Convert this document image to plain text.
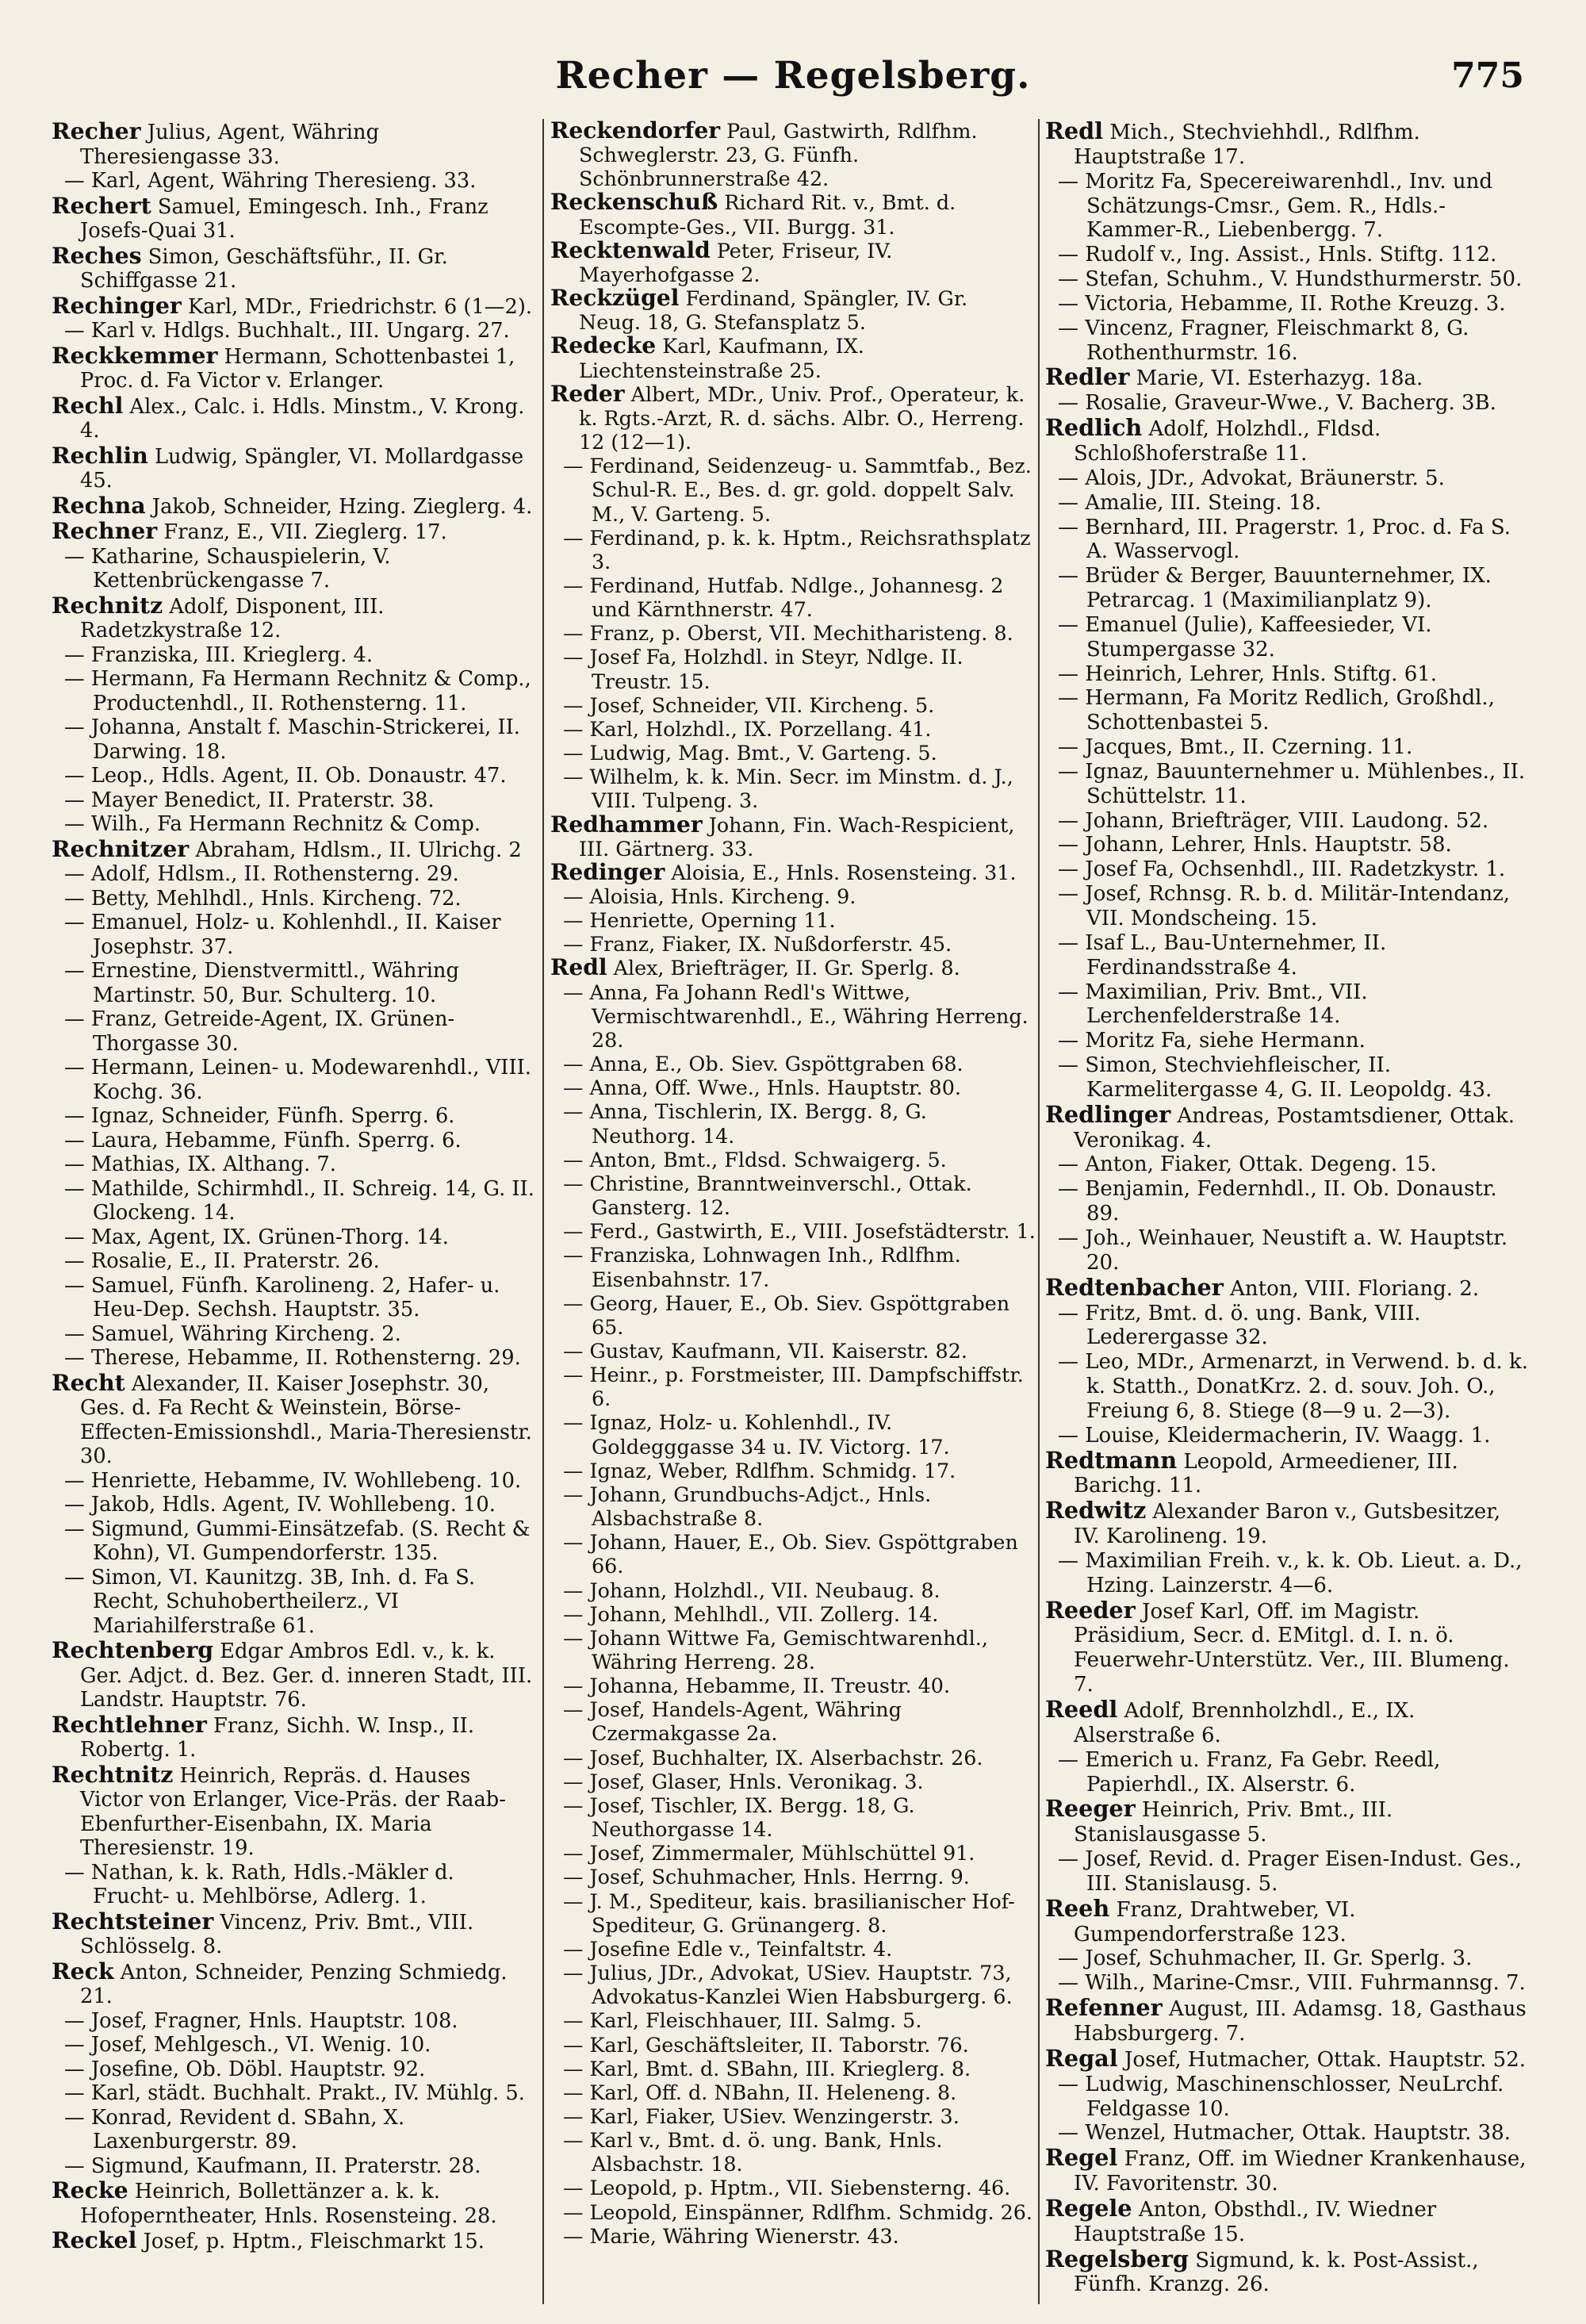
Recher — Regelsberg.	775

Recher Julius, Agent, Währing Theresiengasse 33.

— Karl, Agent, Währing Theresieng. 33.

Rechert Samuel, Emingesch. Inh., Franz Josefs-Quai 31.

Reches Simon, Geschäftsführ., II. Gr. Schiffgasse 21.

Rechinger Karl, MDr., Friedrichstr. 6 (1—2).

— Karl v. Hdlgs. Buchhalt., III. Ungarg. 27.

Reckkemmer Hermann, Schottenbastei 1, Proc. d. Fa Victor v. Erlanger.

Rechl Alex., Calc. i. Hdls. Minstm., V. Krong. 4.

Rechlin Ludwig, Spängler, VI. Mollardgasse 45.

Rechna Jakob, Schneider, Hzing. Zieglerg. 4.

Rechner Franz, E., VII. Zieglerg. 17.

— Katharine, Schauspielerin, V. Kettenbrückengasse 7.

Rechnitz Adolf, Disponent, III. Radetzkystraße 12.

— Franziska, III. Krieglerg. 4.

— Hermann, Fa Hermann Rechnitz & Comp., Productenhdl., II. Rothensterng. 11.

— Johanna, Anstalt f. Maschin-Strickerei, II. Darwing. 18.

— Leop., Hdls. Agent, II. Ob. Donaustr. 47.

— Mayer Benedict, II. Praterstr. 38.

— Wilh., Fa Hermann Rechnitz & Comp.

Rechnitzer Abraham, Hdlsm., II. Ulrichg. 2

— Adolf, Hdlsm., II. Rothensterng. 29.

— Betty, Mehlhdl., Hnls. Kircheng. 72.

— Emanuel, Holz- u. Kohlenhdl., II. Kaiser Josephstr. 37.

— Ernestine, Dienstvermittl., Währing Martinstr. 50, Bur. Schulterg. 10.

— Franz, Getreide-Agent, IX. Grünen-Thorgasse 30.

— Hermann, Leinen- u. Modewarenhdl., VIII. Kochg. 36.

— Ignaz, Schneider, Fünfh. Sperrg. 6.

— Laura, Hebamme, Fünfh. Sperrg. 6.

— Mathias, IX. Althang. 7.

— Mathilde, Schirmhdl., II. Schreig. 14, G. II. Glockeng. 14.

— Max, Agent, IX. Grünen-Thorg. 14.

— Rosalie, E., II. Praterstr. 26.

— Samuel, Fünfh. Karolineng. 2, Hafer- u. Heu-Dep. Sechsh. Hauptstr. 35.

— Samuel, Währing Kircheng. 2.

— Therese, Hebamme, II. Rothensterng. 29.

Recht Alexander, II. Kaiser Josephstr. 30, Ges. d. Fa Recht & Weinstein, Börse-Effecten-Emissionshdl., Maria-Theresienstr. 30.

— Henriette, Hebamme, IV. Wohllebeng. 10.

— Jakob, Hdls. Agent, IV. Wohllebeng. 10.

— Sigmund, Gummi-Einsätzefab. (S. Recht & Kohn), VI. Gumpendorferstr. 135.

— Simon, VI. Kaunitzg. 3B, Inh. d. Fa S. Recht, Schuhobertheilerz., VI Mariahilferstraße 61.

Rechtenberg Edgar Ambros Edl. v., k. k. Ger. Adjct. d. Bez. Ger. d. inneren Stadt, III. Landstr. Hauptstr. 76.

Rechtlehner Franz, Sichh. W. Insp., II. Robertg. 1.

Rechtnitz Heinrich, Repräs. d. Hauses Victor von Erlanger, Vice-Präs. der Raab-Ebenfurther-Eisenbahn, IX. Maria Theresienstr. 19.

— Nathan, k. k. Rath, Hdls.-Mäkler d. Frucht- u. Mehlbörse, Adlerg. 1.

Rechtsteiner Vincenz, Priv. Bmt., VIII. Schlösselg. 8.

Reck Anton, Schneider, Penzing Schmiedg. 21.

— Josef, Fragner, Hnls. Hauptstr. 108.

— Josef, Mehlgesch., VI. Wenig. 10.

— Josefine, Ob. Döbl. Hauptstr. 92.

— Karl, städt. Buchhalt. Prakt., IV. Mühlg. 5.

— Konrad, Revident d. SBahn, X. Laxenburgerstr. 89.

— Sigmund, Kaufmann, II. Praterstr. 28.

Recke Heinrich, Bollettänzer a. k. k. Hofoperntheater, Hnls. Rosensteing. 28.

Reckel Josef, p. Hptm., Fleischmarkt 15.

Reckendorfer Paul, Gastwirth, Rdlfhm. Schweglerstr. 23, G. Fünfh. Schönbrunnerstraße 42.

Reckenschuß Richard Rit. v., Bmt. d. Escompte-Ges., VII. Burgg. 31.

Recktenwald Peter, Friseur, IV. Mayerhofgasse 2.

Reckzügel Ferdinand, Spängler, IV. Gr. Neug. 18, G. Stefansplatz 5.

Redecke Karl, Kaufmann, IX. Liechtensteinstraße 25.

Reder Albert, MDr., Univ. Prof., Operateur, k. k. Rgts.-Arzt, R. d. sächs. Albr. O., Herreng. 12 (12—1).

— Ferdinand, Seidenzeug- u. Sammtfab., Bez. Schul-R. E., Bes. d. gr. gold. doppelt Salv. M., V. Garteng. 5.

— Ferdinand, p. k. k. Hptm., Reichsrathsplatz 3.

— Ferdinand, Hutfab. Ndlge., Johannesg. 2 und Kärnthnerstr. 47.

— Franz, p. Oberst, VII. Mechitharisteng. 8.

— Josef Fa, Holzhdl. in Steyr, Ndlge. II. Treustr. 15.

— Josef, Schneider, VII. Kircheng. 5.

— Karl, Holzhdl., IX. Porzellang. 41.

— Ludwig, Mag. Bmt., V. Garteng. 5.

— Wilhelm, k. k. Min. Secr. im Minstm. d. J., VIII. Tulpeng. 3.

Redhammer Johann, Fin. Wach-Respicient, III. Gärtnerg. 33.

Redinger Aloisia, E., Hnls. Rosensteing. 31.

— Aloisia, Hnls. Kircheng. 9.

— Henriette, Operning 11.

— Franz, Fiaker, IX. Nußdorferstr. 45.

Redl Alex, Briefträger, II. Gr. Sperlg. 8.

— Anna, Fa Johann Redl's Wittwe, Vermischtwarenhdl., E., Währing Herreng. 28.

— Anna, E., Ob. Siev. Gspöttgraben 68.

— Anna, Off. Wwe., Hnls. Hauptstr. 80.

— Anna, Tischlerin, IX. Bergg. 8, G. Neuthorg. 14.

— Anton, Bmt., Fldsd. Schwaigerg. 5.

— Christine, Branntweinverschl., Ottak. Gansterg. 12.

— Ferd., Gastwirth, E., VIII. Josefstädterstr. 1.

— Franziska, Lohnwagen Inh., Rdlfhm. Eisenbahnstr. 17.

— Georg, Hauer, E., Ob. Siev. Gspöttgraben 65.

— Gustav, Kaufmann, VII. Kaiserstr. 82.

— Heinr., p. Forstmeister, III. Dampfschiffstr. 6.

— Ignaz, Holz- u. Kohlenhdl., IV. Goldegggasse 34 u. IV. Victorg. 17.

— Ignaz, Weber, Rdlfhm. Schmidg. 17.

— Johann, Grundbuchs-Adjct., Hnls. Alsbachstraße 8.

— Johann, Hauer, E., Ob. Siev. Gspöttgraben 66.

— Johann, Holzhdl., VII. Neubaug. 8.

— Johann, Mehlhdl., VII. Zollerg. 14.

— Johann Wittwe Fa, Gemischtwarenhdl., Währing Herreng. 28.

— Johanna, Hebamme, II. Treustr. 40.

— Josef, Handels-Agent, Währing Czermakgasse 2a.

— Josef, Buchhalter, IX. Alserbachstr. 26.

— Josef, Glaser, Hnls. Veronikag. 3.

— Josef, Tischler, IX. Bergg. 18, G. Neuthorgasse 14.

— Josef, Zimmermaler, Mühlschüttel 91.

— Josef, Schuhmacher, Hnls. Herrng. 9.

— J. M., Spediteur, kais. brasilianischer Hof-Spediteur, G. Grünangerg. 8.

— Josefine Edle v., Teinfaltstr. 4.

— Julius, JDr., Advokat, USiev. Hauptstr. 73, Advokatus-Kanzlei Wien Habsburgerg. 6.

— Karl, Fleischhauer, III. Salmg. 5.

— Karl, Geschäftsleiter, II. Taborstr. 76.

— Karl, Bmt. d. SBahn, III. Krieglerg. 8.

— Karl, Off. d. NBahn, II. Heleneng. 8.

— Karl, Fiaker, USiev. Wenzingerstr. 3.

— Karl v., Bmt. d. ö. ung. Bank, Hnls. Alsbachstr. 18.

— Leopold, p. Hptm., VII. Siebensterng. 46.

— Leopold, Einspänner, Rdlfhm. Schmidg. 26.

— Marie, Währing Wienerstr. 43.

Redl Mich., Stechviehhdl., Rdlfhm. Hauptstraße 17.

— Moritz Fa, Specereiwarenhdl., Inv. und Schätzungs-Cmsr., Gem. R., Hdls.-Kammer-R., Liebenbergg. 7.

— Rudolf v., Ing. Assist., Hnls. Stiftg. 112.

— Stefan, Schuhm., V. Hundsthurmerstr. 50.

— Victoria, Hebamme, II. Rothe Kreuzg. 3.

— Vincenz, Fragner, Fleischmarkt 8, G. Rothenthurmstr. 16.

Redler Marie, VI. Esterhazyg. 18a.

— Rosalie, Graveur-Wwe., V. Bacherg. 3B.

Redlich Adolf, Holzhdl., Fldsd. Schloßhoferstraße 11.

— Alois, JDr., Advokat, Bräunerstr. 5.

— Amalie, III. Steing. 18.

— Bernhard, III. Pragerstr. 1, Proc. d. Fa S. A. Wasservogl.

— Brüder & Berger, Bauunternehmer, IX. Petrarcag. 1 (Maximilianplatz 9).

— Emanuel (Julie), Kaffeesieder, VI. Stumpergasse 32.

— Heinrich, Lehrer, Hnls. Stiftg. 61.

— Hermann, Fa Moritz Redlich, Großhdl., Schottenbastei 5.

— Jacques, Bmt., II. Czerning. 11.

— Ignaz, Bauunternehmer u. Mühlenbes., II. Schüttelstr. 11.

— Johann, Briefträger, VIII. Laudong. 52.

— Johann, Lehrer, Hnls. Hauptstr. 58.

— Josef Fa, Ochsenhdl., III. Radetzkystr. 1.

— Josef, Rchnsg. R. b. d. Militär-Intendanz, VII. Mondscheing. 15.

— Isaf L., Bau-Unternehmer, II. Ferdinandsstraße 4.

— Maximilian, Priv. Bmt., VII. Lerchenfelderstraße 14.

— Moritz Fa, siehe Hermann.

— Simon, Stechviehfleischer, II. Karmelitergasse 4, G. II. Leopoldg. 43.

Redlinger Andreas, Postamtsdiener, Ottak. Veronikag. 4.

— Anton, Fiaker, Ottak. Degeng. 15.

— Benjamin, Federnhdl., II. Ob. Donaustr. 89.

— Joh., Weinhauer, Neustift a. W. Hauptstr. 20.

Redtenbacher Anton, VIII. Floriang. 2.

— Fritz, Bmt. d. ö. ung. Bank, VIII. Lederergasse 32.

— Leo, MDr., Armenarzt, in Verwend. b. d. k. k. Statth., DonatKrz. 2. d. souv. Joh. O., Freiung 6, 8. Stiege (8—9 u. 2—3).

— Louise, Kleidermacherin, IV. Waagg. 1.

Redtmann Leopold, Armeediener, III. Barichg. 11.

Redwitz Alexander Baron v., Gutsbesitzer, IV. Karolineng. 19.

— Maximilian Freih. v., k. k. Ob. Lieut. a. D., Hzing. Lainzerstr. 4—6.

Reeder Josef Karl, Off. im Magistr. Präsidium, Secr. d. EMitgl. d. I. n. ö. Feuerwehr-Unterstütz. Ver., III. Blumeng. 7.

Reedl Adolf, Brennholzhdl., E., IX. Alserstraße 6.

— Emerich u. Franz, Fa Gebr. Reedl, Papierhdl., IX. Alserstr. 6.

Reeger Heinrich, Priv. Bmt., III. Stanislausgasse 5.

— Josef, Revid. d. Prager Eisen-Indust. Ges., III. Stanislausg. 5.

Reeh Franz, Drahtweber, VI. Gumpendorferstraße 123.

— Josef, Schuhmacher, II. Gr. Sperlg. 3.

— Wilh., Marine-Cmsr., VIII. Fuhrmannsg. 7.

Refenner August, III. Adamsg. 18, Gasthaus Habsburgerg. 7.

Regal Josef, Hutmacher, Ottak. Hauptstr. 52.

— Ludwig, Maschinenschlosser, NeuLrchf. Feldgasse 10.

— Wenzel, Hutmacher, Ottak. Hauptstr. 38.

Regel Franz, Off. im Wiedner Krankenhause, IV. Favoritenstr. 30.

Regele Anton, Obsthdl., IV. Wiedner Hauptstraße 15.

Regelsberg Sigmund, k. k. Post-Assist., Fünfh. Kranzg. 26.
